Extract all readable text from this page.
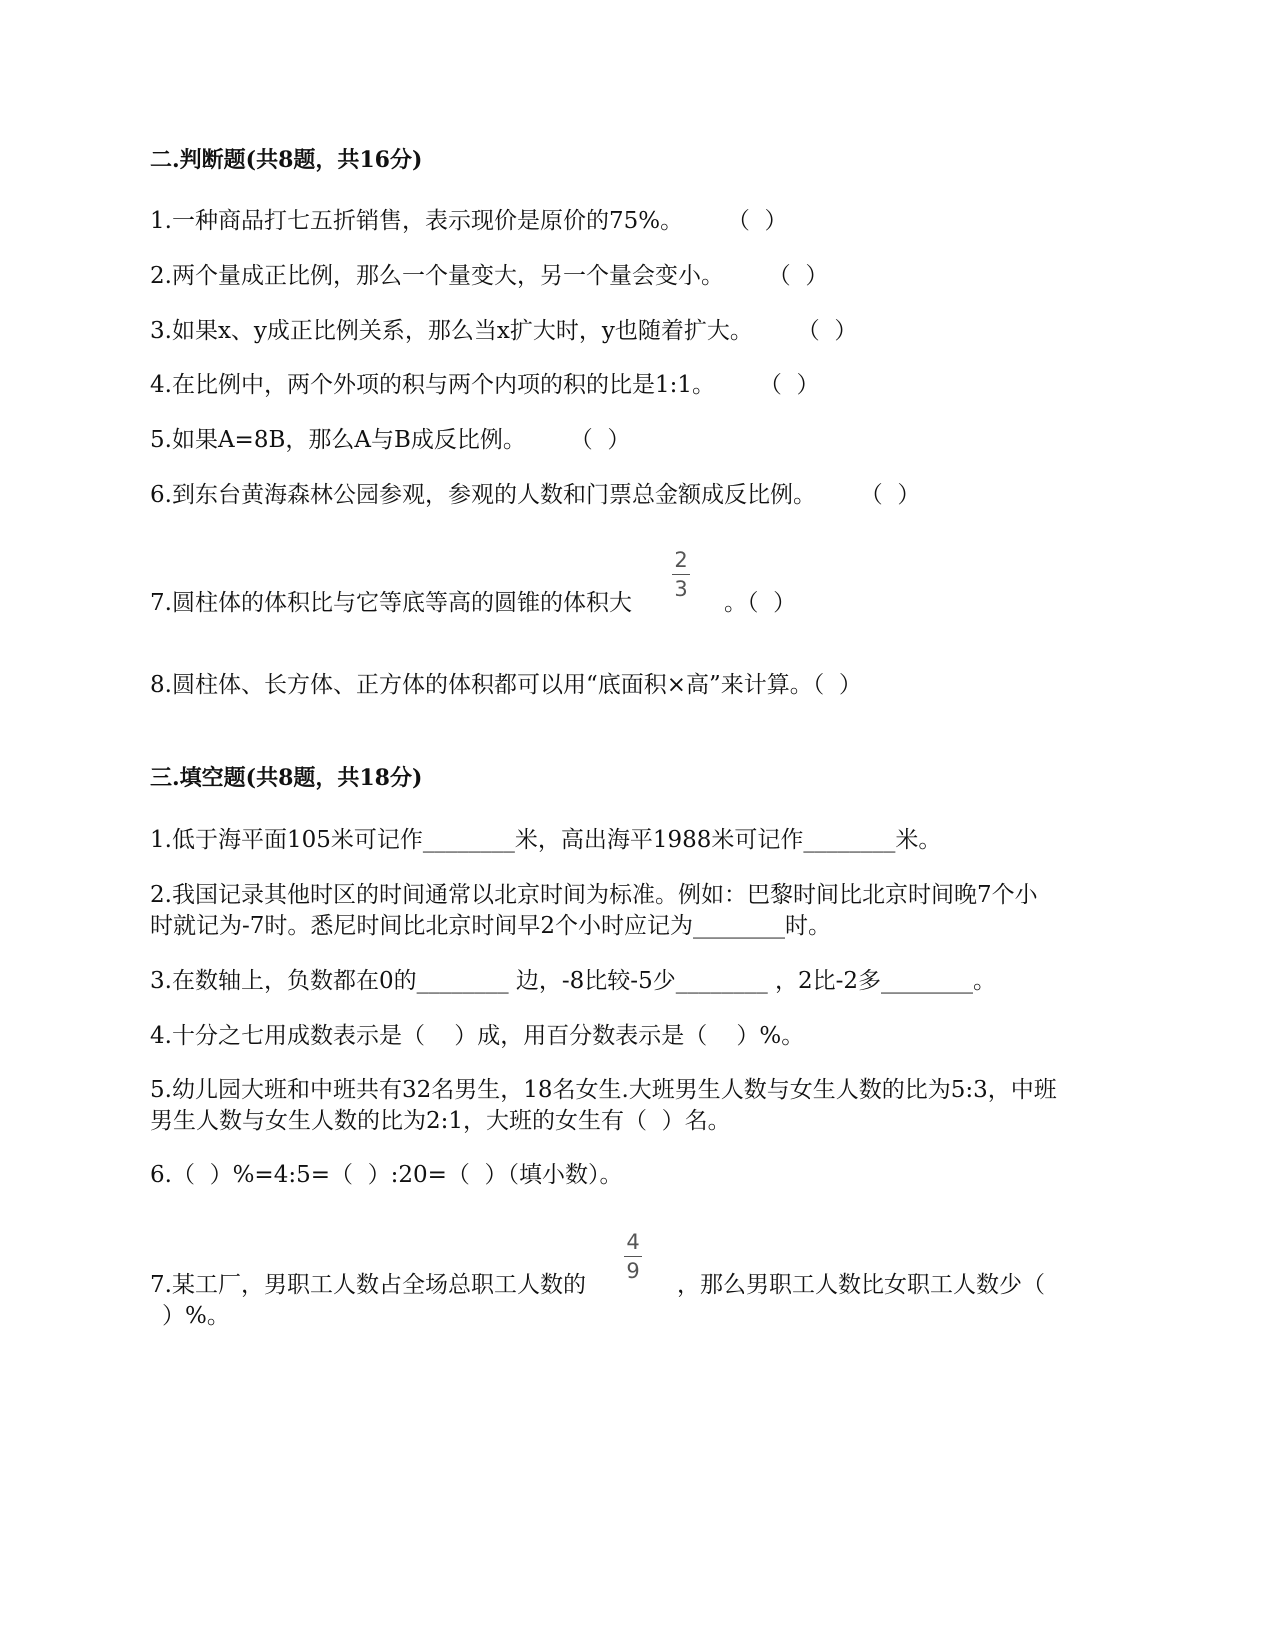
二.判断题(共8题，共16分)
1.一种商品打七五折销售，表示现价是原价的75%。      （  ）
2.两个量成正比例，那么一个量变大，另一个量会变小。      （  ）
3.如果x、y成正比例关系，那么当x扩大时，y也随着扩大。      （  ）
4.在比例中，两个外项的积与两个内项的积的比是1:1。      （  ）
5.如果A=8B，那么A与B成反比例。      （  ）
6.到东台黄海森林公园参观，参观的人数和门票总金额成反比例。      （  ）
7.圆柱体的体积比与它等底等高的圆锥的体积大
2
3
。（  ）
8.圆柱体、长方体、正方体的体积都可以用“底面积×高”来计算。（  ）
三.填空题(共8题，共18分)
1.低于海平面105米可记作________米，高出海平1988米可记作________米。
2.我国记录其他时区的时间通常以北京时间为标准。例如：巴黎时间比北京时间晚7个小
时就记为-7时。悉尼时间比北京时间早2个小时应记为________时。
3.在数轴上，负数都在0的________ 边，-8比较-5少________ ，2比-2多________。
4.十分之七用成数表示是（    ）成，用百分数表示是（    ）%。
5.幼儿园大班和中班共有32名男生，18名女生.大班男生人数与女生人数的比为5:3，中班
男生人数与女生人数的比为2:1，大班的女生有（  ）名。
6.（  ）%=4:5=（  ）:20=（  ）（填小数）。
7.某工厂，男职工人数占全场总职工人数的
4
9
，那么男职工人数比女职工人数少（
）%。
